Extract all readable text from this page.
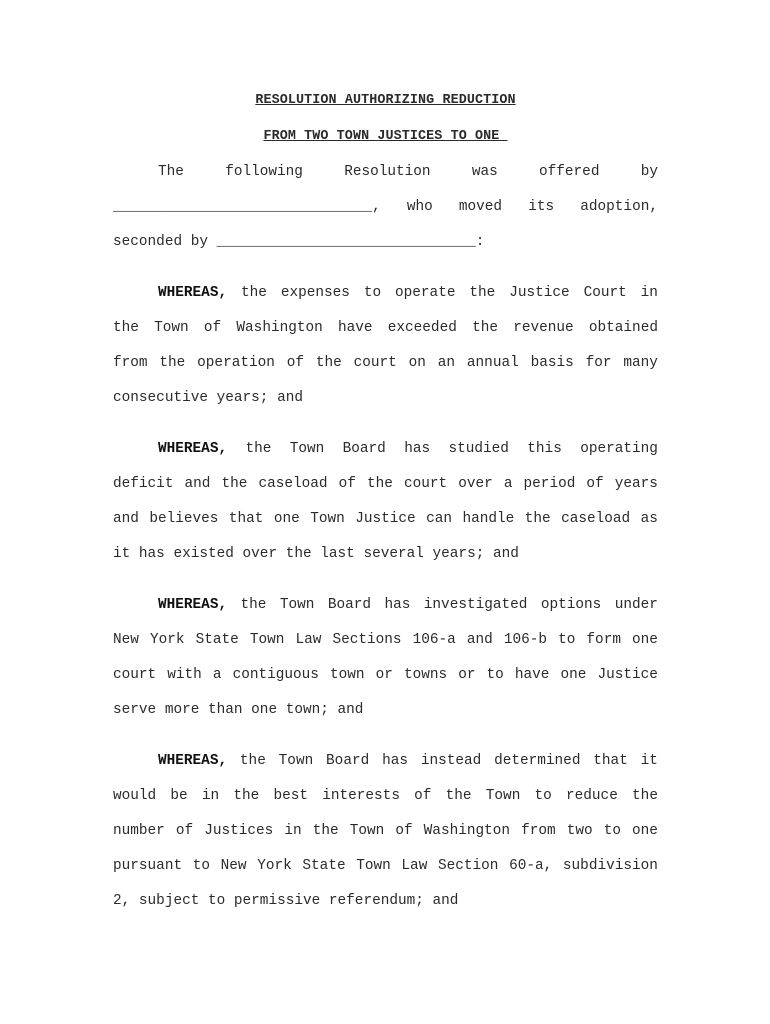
RESOLUTION AUTHORIZING REDUCTION
FROM TWO TOWN JUSTICES TO ONE
The	following	Resolution	was	offered	by
______________________________, who moved its adoption,
seconded by ______________________________:
WHEREAS, the expenses to operate the Justice Court in
the Town of Washington have exceeded the revenue obtained
from the operation of the court on an annual basis for many
consecutive years; and
WHEREAS, the Town Board has studied this operating
deficit and the caseload of the court over a period of years
and believes that one Town Justice can handle the caseload as
it has existed over the last several years; and
WHEREAS, the Town Board has investigated options under
New York State Town Law Sections 106-a and 106-b to form one
court with a contiguous town or towns or to have one Justice
serve more than one town; and
WHEREAS, the Town Board has instead determined that it
would be in the best interests of the Town to reduce the
number of Justices in the Town of Washington from two to one
pursuant to New York State Town Law Section 60-a, subdivision
2, subject to permissive referendum; and
